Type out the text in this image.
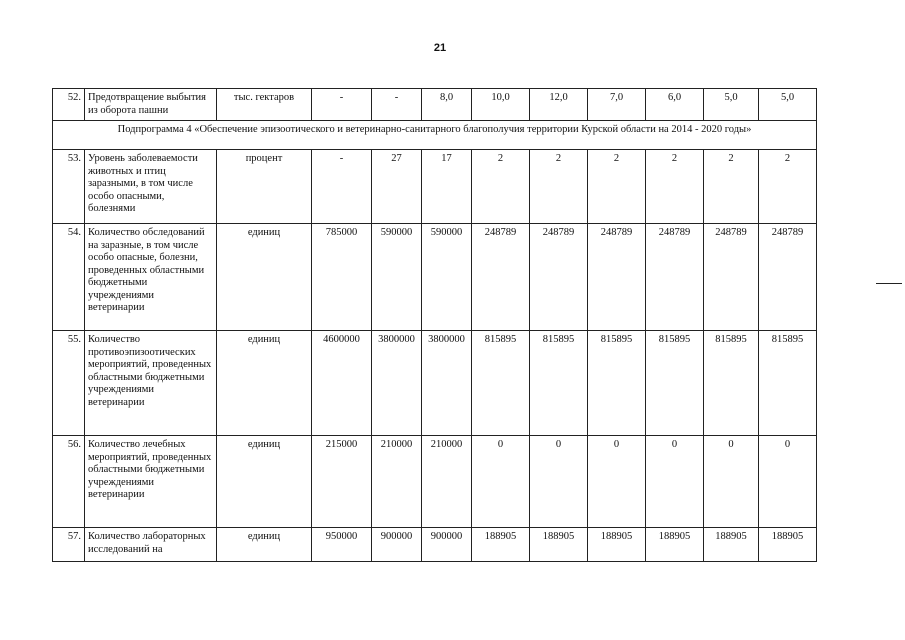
21
52.	Предотвращение выбытия из оборота пашни	тыс. гектаров	-	-	8,0	10,0	12,0	7,0	6,0	5,0	5,0
Подпрограмма 4 «Обеспечение эпизоотического и ветеринарно-санитарного благополучия территории Курской области на 2014 - 2020 годы»											
53.	Уровень заболеваемости животных и птиц заразными, в том числе особо опасными, болезнями	процент	-	27	17	2	2	2	2	2	2
54.	Количество обследований на заразные, в том числе особо опасные, болезни, проведенных областными бюджетными учреждениями ветеринарии	единиц	785000	590000	590000	248789	248789	248789	248789	248789	248789
55.	Количество противоэпизоотических мероприятий, проведенных областными бюджетными учреждениями ветеринарии	единиц	4600000	3800000	3800000	815895	815895	815895	815895	815895	815895
56.	Количество лечебных мероприятий, проведенных областными бюджетными учреждениями ветеринарии	единиц	215000	210000	210000	0	0	0	0	0	0
57.	Количество лабораторных исследований на	единиц	950000	900000	900000	188905	188905	188905	188905	188905	188905
